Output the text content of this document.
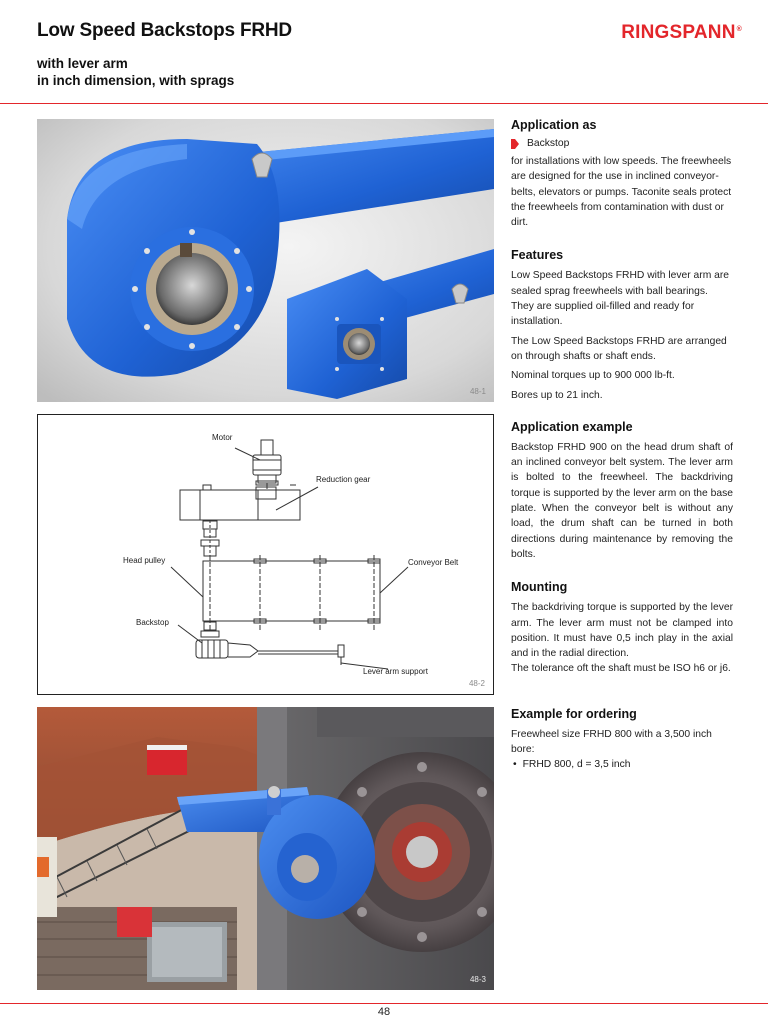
Low Speed Backstops FRHD
with lever arm
in inch dimension, with sprags
RINGSPANN®
48-1
Motor
Reduction gear
Head pulley	Conveyor Belt
Backstop
Lever arm support
48-2
48-3
Application as
Backstop
for installations with low speeds. The freewheels are designed for the use in inclined conveyor-belts, elevators or pumps. Taconite seals protect the freewheels from contamination with dust or dirt.
Features
Low Speed Backstops FRHD with lever arm are sealed sprag freewheels with ball bearings. They are supplied oil-filled and ready for installation.
The Low Speed Backstops FRHD are arranged on through shafts or shaft ends.
Nominal torques up to 900 000 lb-ft.
Bores up to 21 inch.
Application example
Backstop FRHD 900 on the head drum shaft of an inclined conveyor belt system. The lever arm is bolted to the freewheel. The backdriving torque is supported by the lever arm on the base plate. When the conveyor belt is without any load, the drum shaft can be turned in both directions during maintenance by removing the bolts.
Mounting
The backdriving torque is supported by the lever arm. The lever arm must not be clamped into position. It must have 0,5 inch play in the axial and in the radial direction.
The tolerance oft the shaft must be ISO h6 or j6.
Example for ordering
Freewheel size FRHD 800 with a 3,500 inch bore:
• FRHD 800, d = 3,5 inch
48
